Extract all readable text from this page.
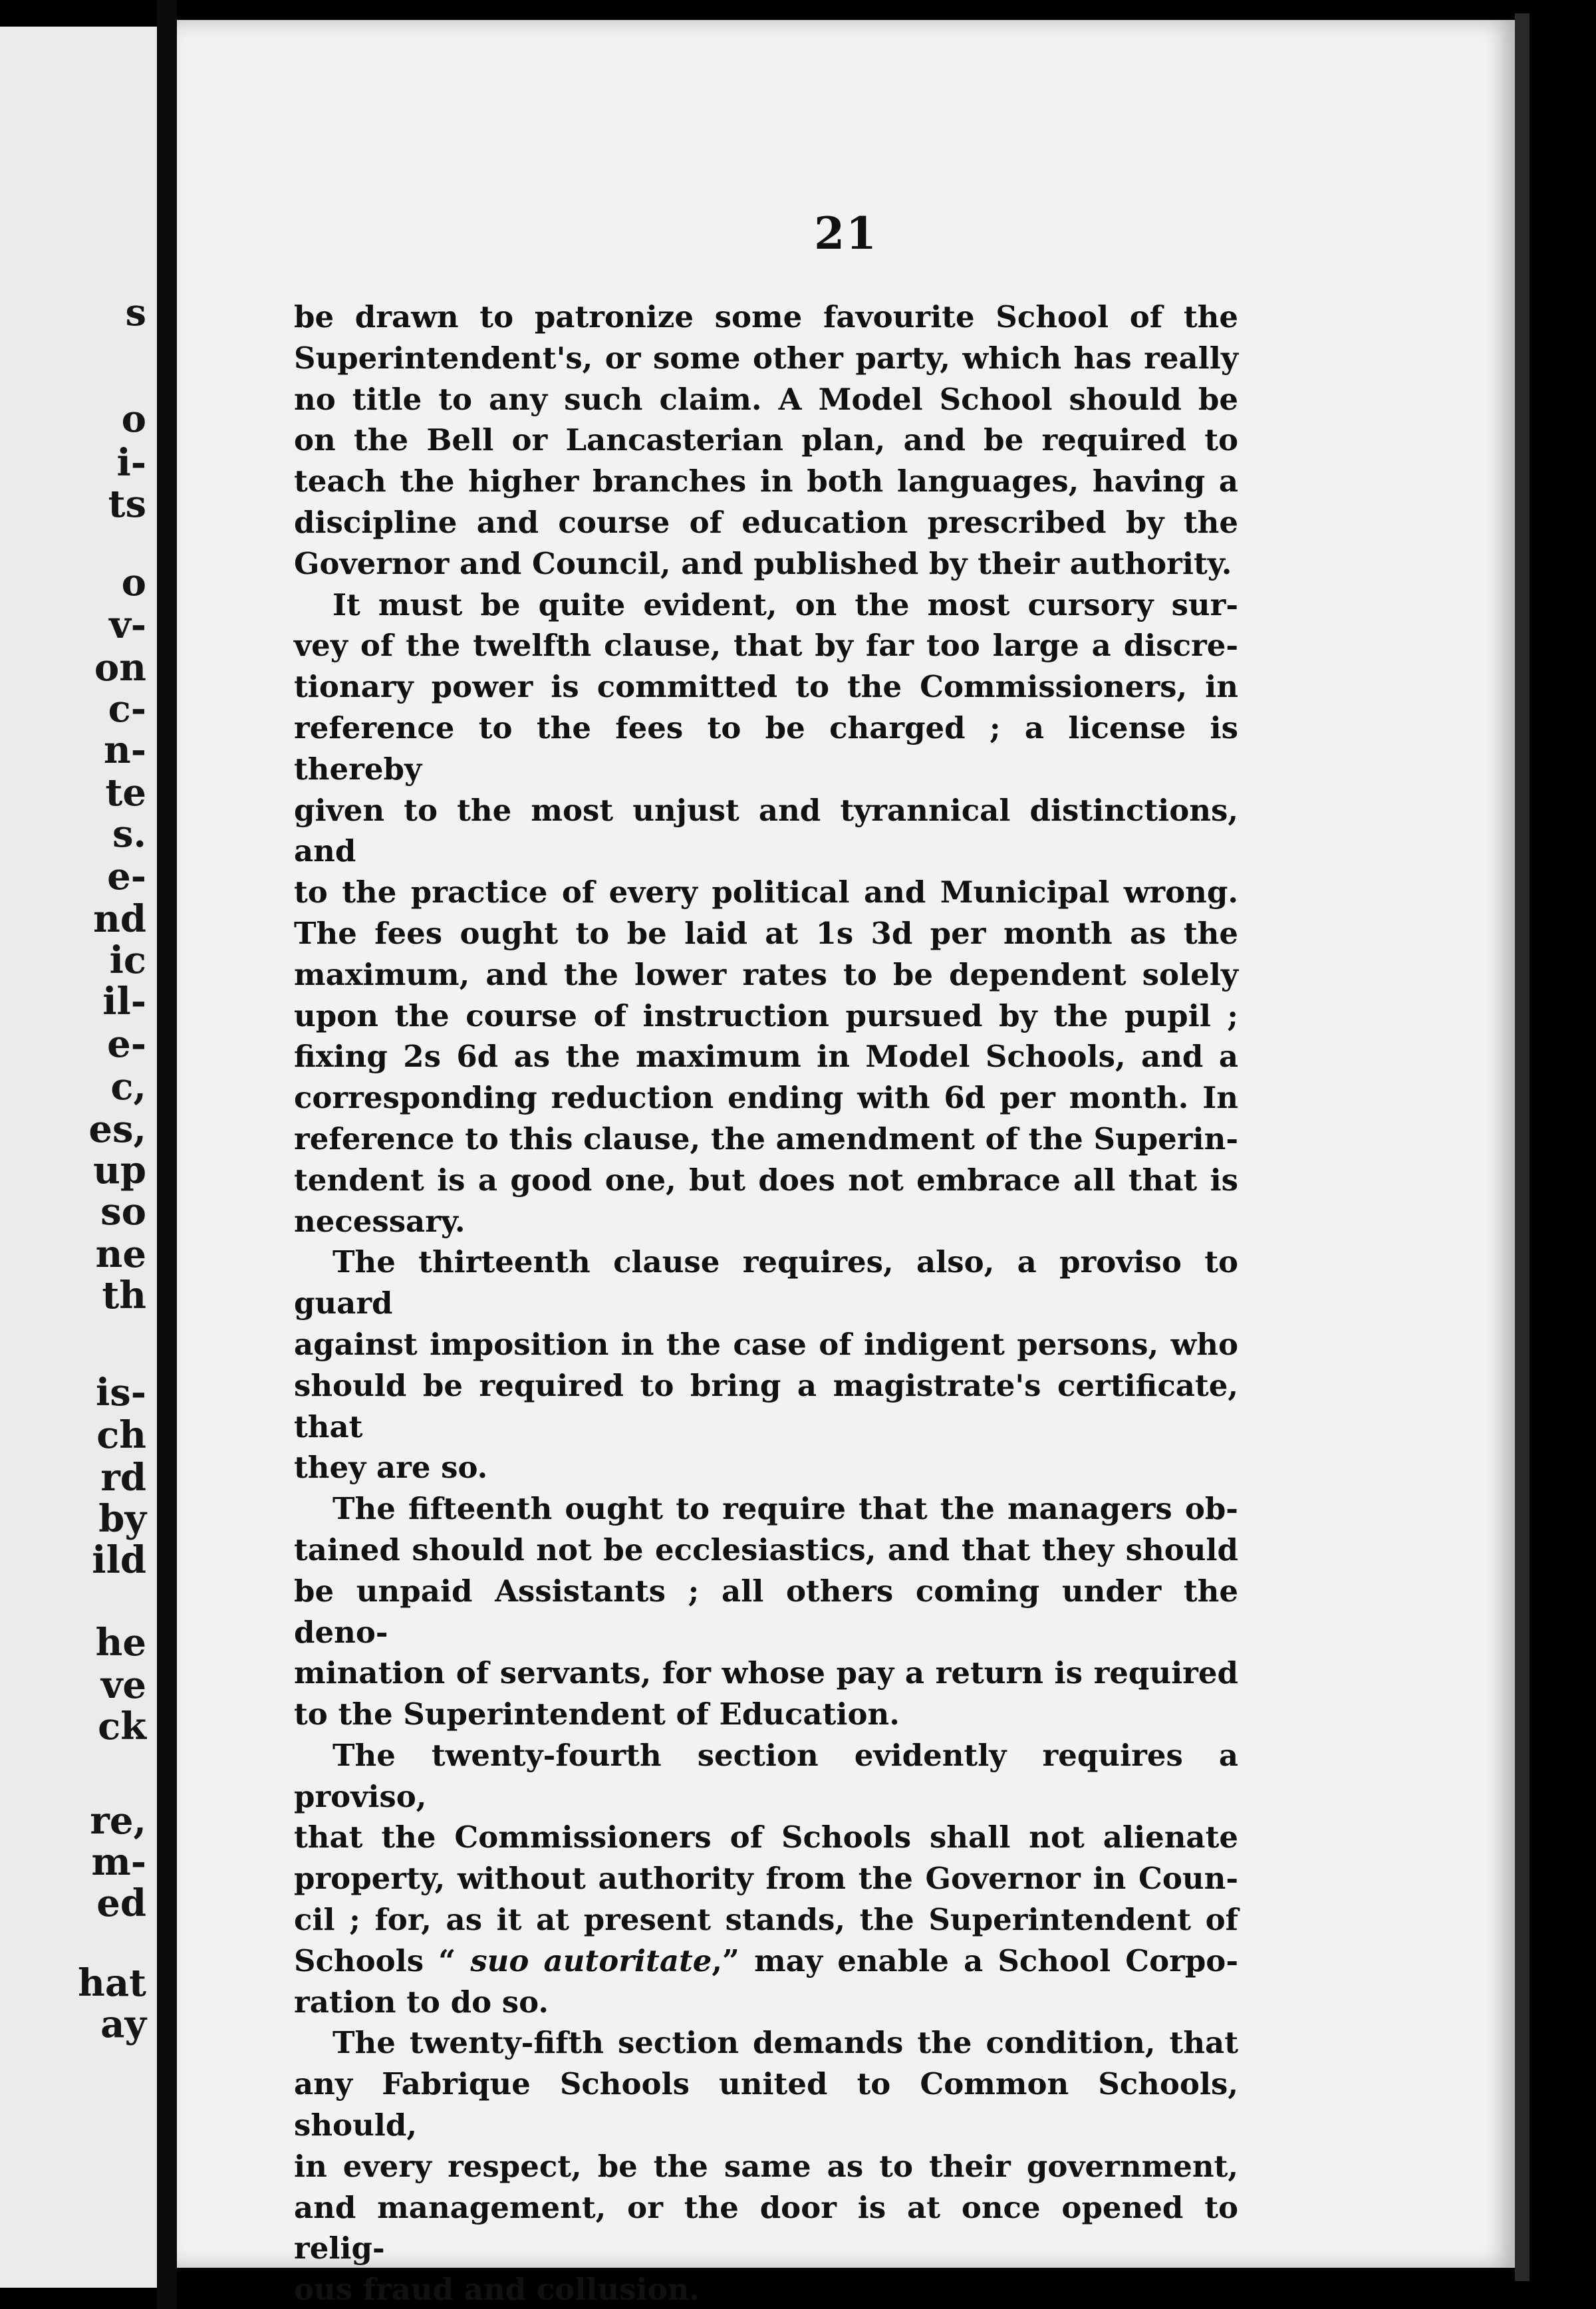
s
o
i-
ts
o
v-
on
c-
n-
te
s.
e-
nd
ic
il-
e-
c,
es,
up
so
ne
th
is-
ch
rd
by
ild
he
ve
ck
re,
m-
ed
hat
ay
21
be drawn to patronize some favourite School of the
Superintendent's, or some other party, which has really
no title to any such claim. A Model School should be
on the Bell or Lancasterian plan, and be required to
teach the higher branches in both languages, having a
discipline and course of education prescribed by the
Governor and Council, and published by their authority.
It must be quite evident, on the most cursory sur-
vey of the twelfth clause, that by far too large a discre-
tionary power is committed to the Commissioners, in
reference to the fees to be charged ; a license is thereby
given to the most unjust and tyrannical distinctions, and
to the practice of every political and Municipal wrong.
The fees ought to be laid at 1s 3d per month as the
maximum, and the lower rates to be dependent solely
upon the course of instruction pursued by the pupil ;
fixing 2s 6d as the maximum in Model Schools, and a
corresponding reduction ending with 6d per month. In
reference to this clause, the amendment of the Superin-
tendent is a good one, but does not embrace all that is
necessary.
The thirteenth clause requires, also, a proviso to guard
against imposition in the case of indigent persons, who
should be required to bring a magistrate's certificate, that
they are so.
The fifteenth ought to require that the managers ob-
tained should not be ecclesiastics, and that they should
be unpaid Assistants ; all others coming under the deno-
mination of servants, for whose pay a return is required
to the Superintendent of Education.
The twenty-fourth section evidently requires a proviso,
that the Commissioners of Schools shall not alienate
property, without authority from the Governor in Coun-
cil ; for, as it at present stands, the Superintendent of
Schools “ suo autoritate,” may enable a School Corpo-
ration to do so.
The twenty-fifth section demands the condition, that
any Fabrique Schools united to Common Schools, should,
in every respect, be the same as to their government,
and management, or the door is at once opened to relig-
ous fraud and collusion.
